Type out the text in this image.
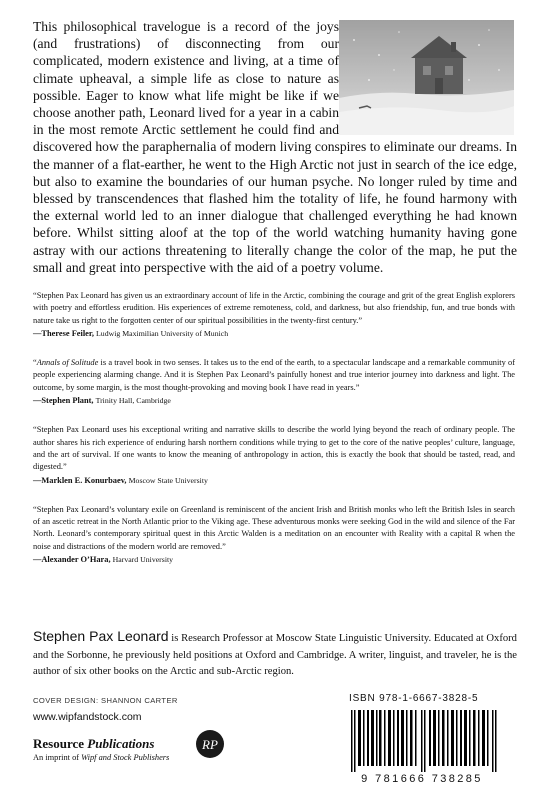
This philosophical travelogue is a record of the joys (and frustrations) of disconnecting from our complicated, modern existence and living, at a time of climate upheaval, a simple life as close to nature as possible. Eager to know what life might be like if we choose another path, Leonard lived for a year in a cabin in the most remote Arctic settlement he could find and discovered how the paraphernalia of modern living conspires to eliminate our dreams. In the manner of a flat-earther, he went to the High Arctic not just in search of the ice edge, but also to examine the boundaries of our human psyche. No longer ruled by time and blessed by transcendences that flashed him the totality of life, he found harmony with the external world led to an inner dialogue that challenged everything he had known before. Whilst sitting aloof at the top of the world watching humanity having gone astray with our actions threatening to literally change the color of the map, he put the small and great into perspective with the aid of a poetry volume.
“Stephen Pax Leonard has given us an extraordinary account of life in the Arctic, combining the courage and grit of the great English explorers with poetry and effortless erudition. His experiences of extreme remoteness, cold, and darkness, but also friendship, fun, and true bonds with nature take us right to the forgotten center of our spiritual possibilities in the twenty-first century.”
—Therese Feiler, Ludwig Maximilian University of Munich
“Annals of Solitude is a travel book in two senses. It takes us to the end of the earth, to a spectacular landscape and a remarkable community of people experiencing alarming change. And it is Stephen Pax Leonard’s painfully honest and true interior journey into darkness and light. The outcome, by some margin, is the most thought-provoking and moving book I have read in years.”
—Stephen Plant, Trinity Hall, Cambridge
“Stephen Pax Leonard uses his exceptional writing and narrative skills to describe the world lying beyond the reach of ordinary people. The author shares his rich experience of enduring harsh northern conditions while trying to get to the core of the native peoples’ culture, language, and the art of survival. If one wants to know the meaning of anthropology in action, this is exactly the book that should be tasted, read, and digested.”
—Marklen E. Konurbaev, Moscow State University
“Stephen Pax Leonard’s voluntary exile on Greenland is reminiscent of the ancient Irish and British monks who left the British Isles in search of an ascetic retreat in the North Atlantic prior to the Viking age. These adventurous monks were seeking God in the wild and silence of the Far North. Leonard’s contemporary spiritual quest in this Arctic Walden is a meditation on an encounter with Reality with a capital R when the noise and distractions of the modern world are removed.”
—Alexander O’Hara, Harvard University
Stephen Pax Leonard is Research Professor at Moscow State Linguistic University. Educated at Oxford and the Sorbonne, he previously held positions at Oxford and Cambridge. A writer, linguist, and traveler, he is the author of six other books on the Arctic and sub-Arctic region.
COVER DESIGN: SHANNON CARTER
www.wipfandstock.com
Resource Publications
An imprint of Wipf and Stock Publishers
RP
ISBN 978-1-6667-3828-5
9 781666 738285
